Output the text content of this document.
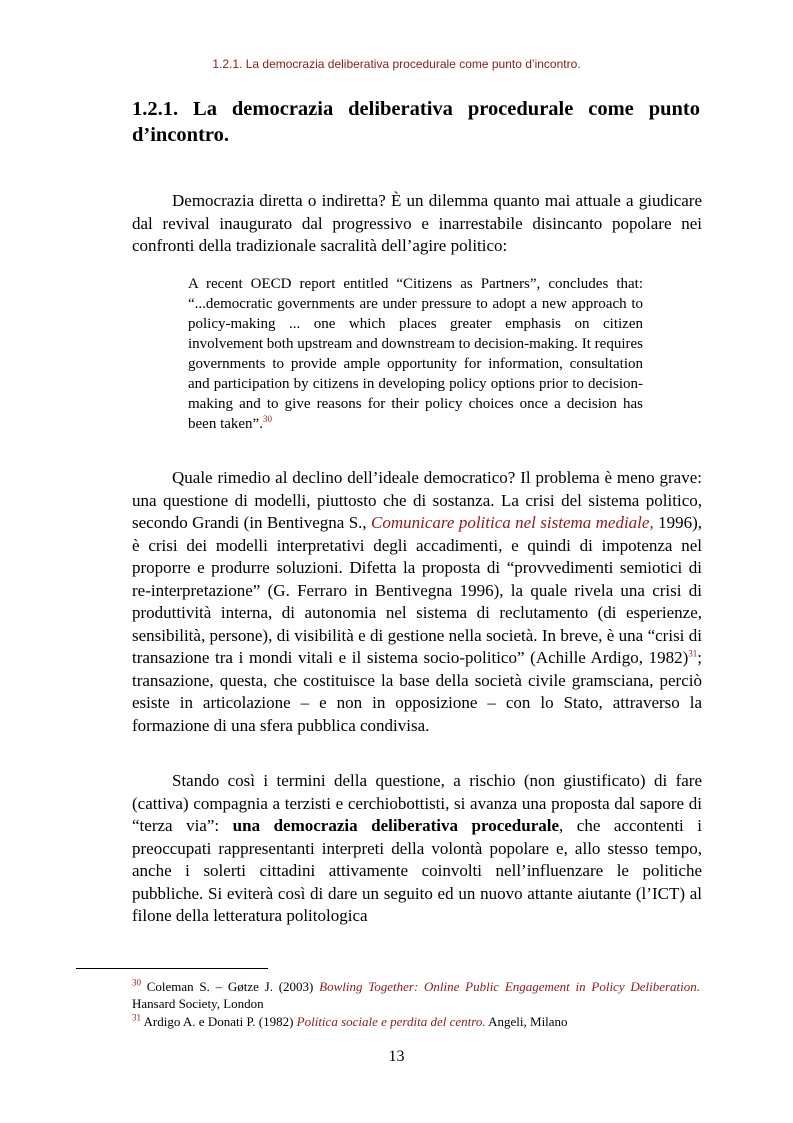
1.2.1. La democrazia deliberativa procedurale come punto d’incontro.
1.2.1. La democrazia deliberativa procedurale come punto d’incontro.

Democrazia diretta o indiretta? È un dilemma quanto mai attuale a giudicare dal revival inaugurato dal progressivo e inarrestabile disincanto popolare nei confronti della tradizionale sacralità dell’agire politico:

A recent OECD report entitled “Citizens as Partners”, concludes that: “...democratic governments are under pressure to adopt a new approach to policy-making ... one which places greater emphasis on citizen involvement both upstream and downstream to decision-making. It requires governments to provide ample opportunity for information, consultation and participation by citizens in developing policy options prior to decision-making and to give reasons for their policy choices once a decision has been taken”.$^{30}$

Quale rimedio al declino dell’ideale democratico? Il problema è meno grave: una questione di modelli, piuttosto che di sostanza. La crisi del sistema politico, secondo Grandi (in Bentivegna S., Comunicare politica nel sistema mediale, 1996), è crisi dei modelli interpretativi degli accadimenti, e quindi di impotenza nel proporre e produrre soluzioni. Difetta la proposta di “provvedimenti semiotici di re-interpretazione” (G. Ferraro in Bentivegna 1996), la quale rivela una crisi di produttività interna, di autonomia nel sistema di reclutamento (di esperienze, sensibilità, persone), di visibilità e di gestione nella società. In breve, è una “crisi di transazione tra i mondi vitali e il sistema socio-politico” (Achille Ardigo, 1982)$^{31}$; transazione, questa, che costituisce la base della società civile gramsciana, perciò esiste in articolazione – e non in opposizione – con lo Stato, attraverso la formazione di una sfera pubblica condivisa.

Stando così i termini della questione, a rischio (non giustificato) di fare (cattiva) compagnia a terzisti e cerchiobottisti, si avanza una proposta dal sapore di “terza via”: una democrazia deliberativa procedurale, che accontenti i preoccupati rappresentanti interpreti della volontà popolare e, allo stesso tempo, anche i solerti cittadini attivamente coinvolti nell’influenzare le politiche pubbliche. Si eviterà così di dare un seguito ed un nuovo attante aiutante (l’ICT) al filone della letteratura politologica

$^{30}$ Coleman S. – Gøtze J. (2003) Bowling Together: Online Public Engagement in Policy Deliberation. Hansard Society, London

$^{31}$ Ardigo A. e Donati P. (1982) Politica sociale e perdita del centro. Angeli, Milano

13
